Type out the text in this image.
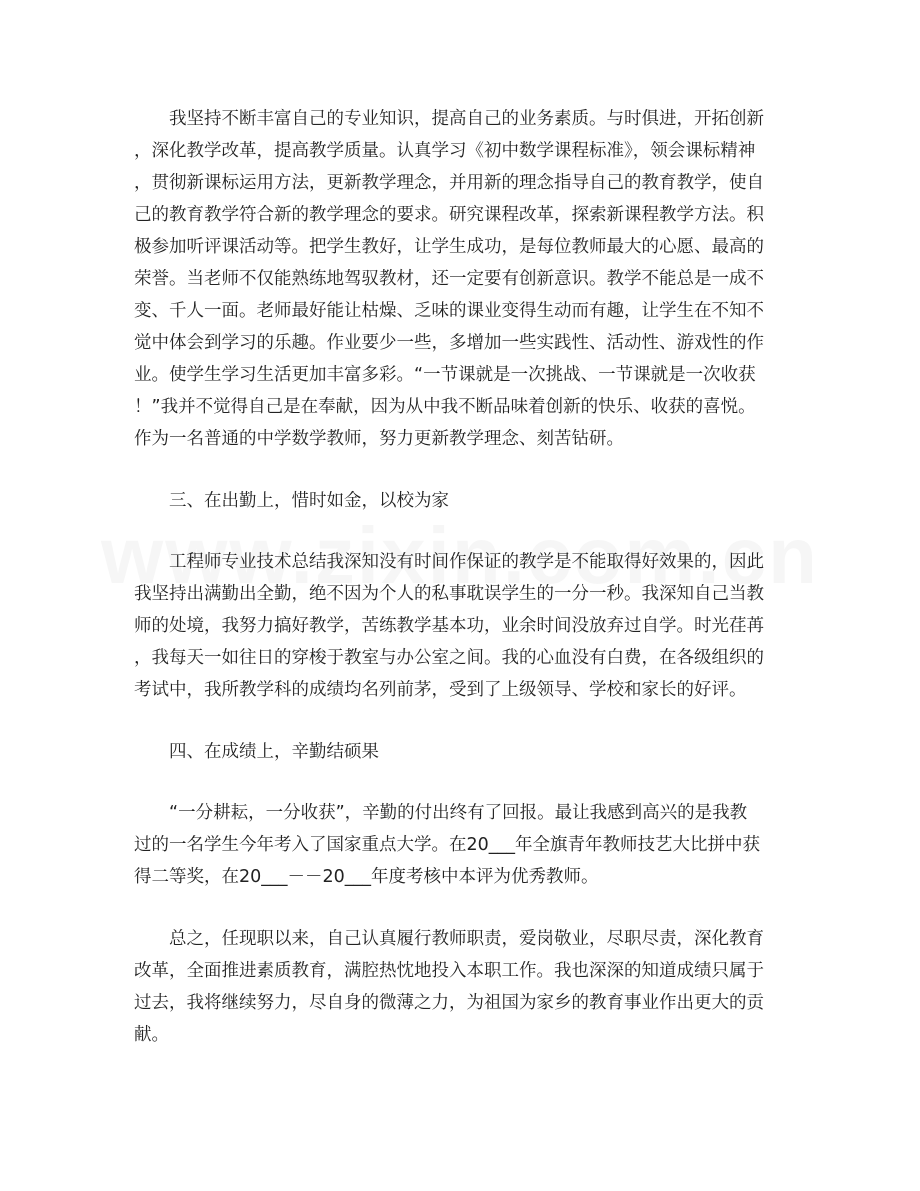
　　我坚持不断丰富自己的专业知识，提高自己的业务素质。与时俱进，开拓创新
，深化教学改革，提高教学质量。认真学习《初中数学课程标准》，领会课标精神
，贯彻新课标运用方法，更新教学理念，并用新的理念指导自己的教育教学，使自
己的教育教学符合新的教学理念的要求。研究课程改革，探索新课程教学方法。积
极参加听评课活动等。把学生教好，让学生成功，是每位教师最大的心愿、最高的
荣誉。当老师不仅能熟练地驾驭教材，还一定要有创新意识。教学不能总是一成不
变、千人一面。老师最好能让枯燥、乏味的课业变得生动而有趣，让学生在不知不
觉中体会到学习的乐趣。作业要少一些，多增加一些实践性、活动性、游戏性的作
业。使学生学习生活更加丰富多彩。“一节课就是一次挑战、一节课就是一次收获
！”我并不觉得自己是在奉献，因为从中我不断品味着创新的快乐、收获的喜悦。
作为一名普通的中学数学教师，努力更新教学理念、刻苦钻研。

　　三、在出勤上，惜时如金，以校为家

　　工程师专业技术总结我深知没有时间作保证的教学是不能取得好效果的，因此
我坚持出满勤出全勤，绝不因为个人的私事耽误学生的一分一秒。我深知自己当教
师的处境，我努力搞好教学，苦练教学基本功，业余时间没放弃过自学。时光荏苒
，我每天一如往日的穿梭于教室与办公室之间。我的心血没有白费，在各级组织的
考试中，我所教学科的成绩均名列前茅，受到了上级领导、学校和家长的好评。

　　四、在成绩上，辛勤结硕果

　　“一分耕耘，一分收获”，辛勤的付出终有了回报。最让我感到高兴的是我教
过的一名学生今年考入了国家重点大学。在20___年全旗青年教师技艺大比拼中获
得二等奖，在20___－－20___年度考核中本评为优秀教师。

　　总之，任现职以来，自己认真履行教师职责，爱岗敬业，尽职尽责，深化教育
改革，全面推进素质教育，满腔热忱地投入本职工作。我也深深的知道成绩只属于
过去，我将继续努力，尽自身的微薄之力，为祖国为家乡的教育事业作出更大的贡
献。
